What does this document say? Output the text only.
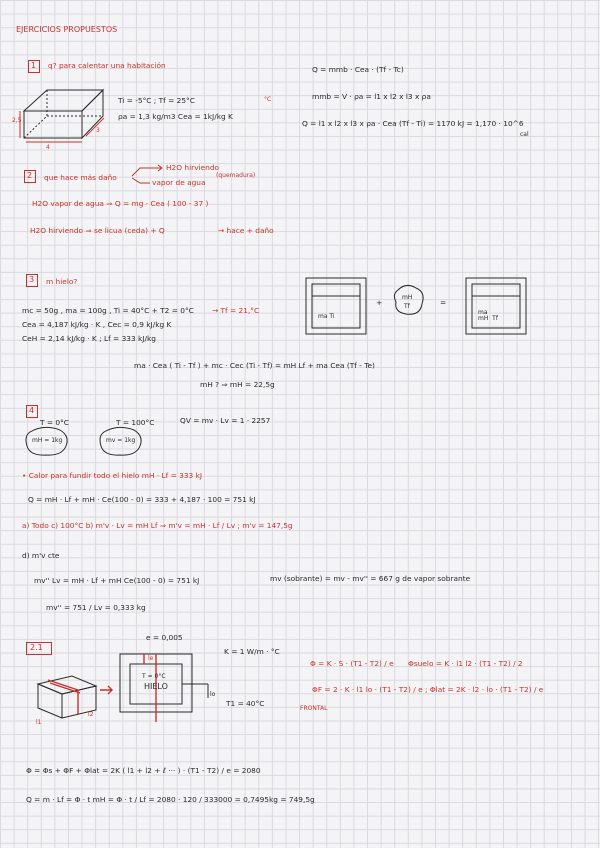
EJERCICIOS PROPUESTOS
1 q? para calentar una habitación
2,5
4
3
Ti = -5°C ; Tf = 25°C	°C
ρa = 1,3 kg/m3 Cea = 1kJ/kg K
Q = mmb · Cea · (Tf - Tc)
mmb = V · ρa = l1 x l2 x l3 x ρa
Q = l1 x l2 x l3 x ρa · Cea (Tf - Ti) = 1170 kJ = 1,170 · 10^6
cal
2 que hace más daño
H2O hirviendo
vapor de agua
(quemadura)
H2O vapor de agua ⇒ Q = mg · Cea ( 100 - 37 )
H2O hirviendo ⇒ se licua (ceda) + Q	→ hace + daño
3 m hielo?
mc = 50g , ma = 100g , Ti = 40°C + T2 = 0°C → Tf = 21,°C
Cea = 4,187 kJ/kg · K , Cec = 0,9 kJ/kg K
CeH = 2,14 kJ/kg · K ; Lf = 333 kJ/kg
ma Ti
+
mH
Tf	=
ma
mH  Tf
ma · Cea ( Ti - Tf ) + mc · Cec (Ti - Tf) = mH Lf + ma Cea (Tf - Te)
mH ? ⇒ mH = 22,5g
4
T = 0°C	T = 100°C	QV = mv · Lv = 1 · 2257
mH = 1kg	mv = 1kg
• Calor para fundir todo el hielo mH · Lf = 333 kJ
Q = mH · Lf + mH · Ce(100 - 0) = 333 + 4,187 · 100 = 751 kJ
a) Todo c) 100°C b) m'v · Lv = mH Lf ⇒ m'v = mH · Lf / Lv ; m'v = 147,5g
d) m'v cte
mv'' Lv = mH · Lf + mH Ce(100 - 0) = 751 kJ	mv (sobrante) = mv - mv'' = 667 g de vapor sobrante
mv'' = 751 / Lv = 0,333 kg
2.1
e = 0,005
K = 1 W/m · °C
le
T = 0°C
HIELO
lo
T1 = 40°C
l1
l2
Φ = K · S · (T1 - T2) / e Φsuelo = K · l1 l2 · (T1 - T2) / 2
ΦF = 2 · K · l1 lo · (T1 - T2) / e ; Φlat = 2K · l2 · lo · (T1 - T2) / e
FRONTAL
Φ = Φs + ΦF + Φlat = 2K ( l1 + l2 + ℓ ··· ) · (T1 - T2) / e = 2080
Q = m · Lf = Φ · t mH = Φ · t / Lf = 2080 · 120 / 333000 = 0,7495kg = 749,5g
